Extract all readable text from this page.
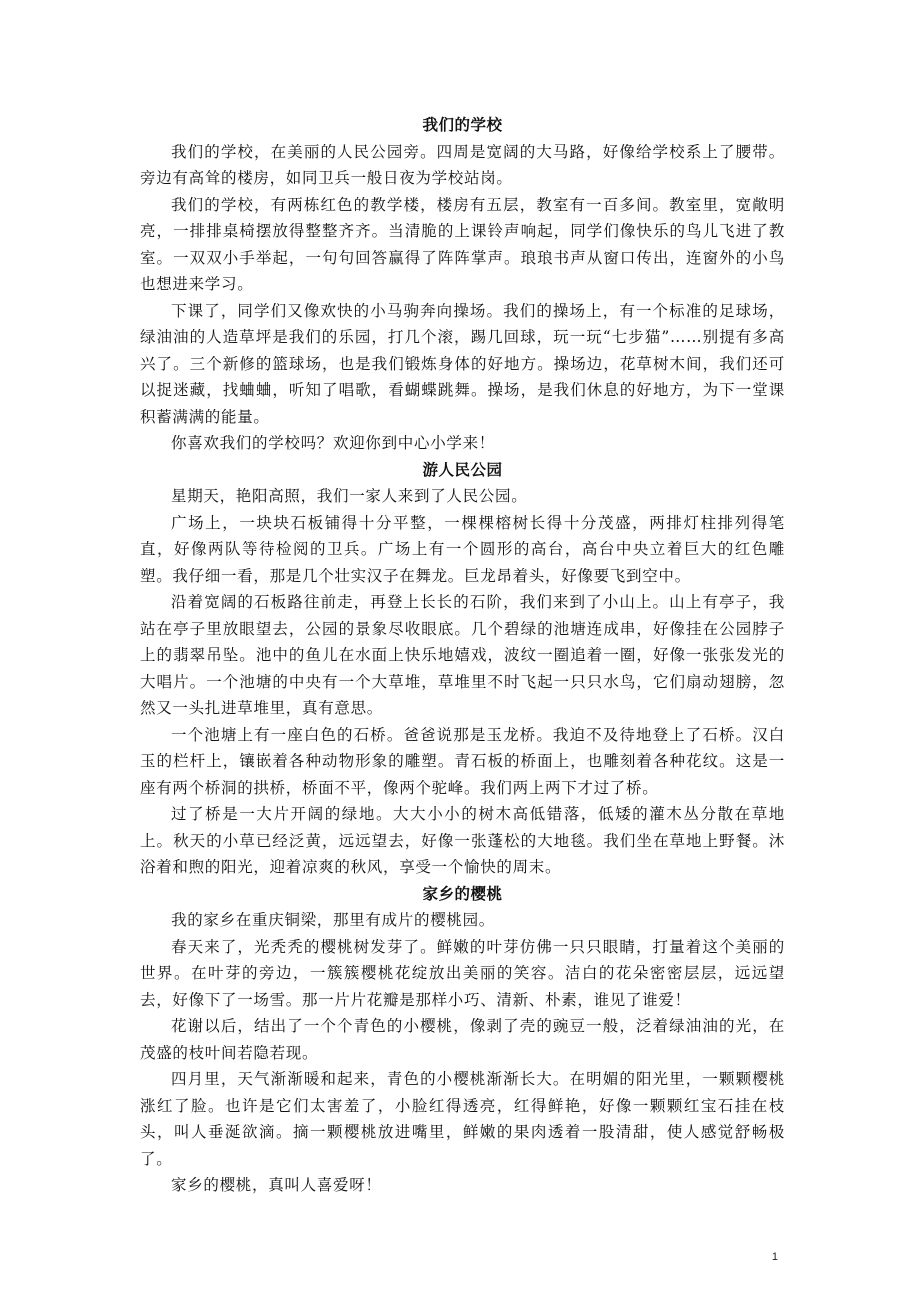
我们的学校

我们的学校，在美丽的人民公园旁。四周是宽阔的大马路，好像给学校系上了腰带。旁边有高耸的楼房，如同卫兵一般日夜为学校站岗。

我们的学校，有两栋红色的教学楼，楼房有五层，教室有一百多间。教室里，宽敞明亮，一排排桌椅摆放得整整齐齐。当清脆的上课铃声响起，同学们像快乐的鸟儿飞进了教室。一双双小手举起，一句句回答赢得了阵阵掌声。琅琅书声从窗口传出，连窗外的小鸟也想进来学习。

下课了，同学们又像欢快的小马驹奔向操场。我们的操场上，有一个标准的足球场，绿油油的人造草坪是我们的乐园，打几个滚，踢几回球，玩一玩“七步猫”……别提有多高兴了。三个新修的篮球场，也是我们锻炼身体的好地方。操场边，花草树木间，我们还可以捉迷藏，找蛐蛐，听知了唱歌，看蝴蝶跳舞。操场，是我们休息的好地方，为下一堂课积蓄满满的能量。

你喜欢我们的学校吗？欢迎你到中心小学来！

游人民公园

星期天，艳阳高照，我们一家人来到了人民公园。

广场上，一块块石板铺得十分平整，一棵棵榕树长得十分茂盛，两排灯柱排列得笔直，好像两队等待检阅的卫兵。广场上有一个圆形的高台，高台中央立着巨大的红色雕塑。我仔细一看，那是几个壮实汉子在舞龙。巨龙昂着头，好像要飞到空中。

沿着宽阔的石板路往前走，再登上长长的石阶，我们来到了小山上。山上有亭子，我站在亭子里放眼望去，公园的景象尽收眼底。几个碧绿的池塘连成串，好像挂在公园脖子上的翡翠吊坠。池中的鱼儿在水面上快乐地嬉戏，波纹一圈追着一圈，好像一张张发光的大唱片。一个池塘的中央有一个大草堆，草堆里不时飞起一只只水鸟，它们扇动翅膀，忽然又一头扎进草堆里，真有意思。

一个池塘上有一座白色的石桥。爸爸说那是玉龙桥。我迫不及待地登上了石桥。汉白玉的栏杆上，镶嵌着各种动物形象的雕塑。青石板的桥面上，也雕刻着各种花纹。这是一座有两个桥洞的拱桥，桥面不平，像两个驼峰。我们两上两下才过了桥。

过了桥是一大片开阔的绿地。大大小小的树木高低错落，低矮的灌木丛分散在草地上。秋天的小草已经泛黄，远远望去，好像一张蓬松的大地毯。我们坐在草地上野餐。沐浴着和煦的阳光，迎着凉爽的秋风，享受一个愉快的周末。

家乡的樱桃

我的家乡在重庆铜梁，那里有成片的樱桃园。

春天来了，光秃秃的樱桃树发芽了。鲜嫩的叶芽仿佛一只只眼睛，打量着这个美丽的世界。在叶芽的旁边，一簇簇樱桃花绽放出美丽的笑容。洁白的花朵密密层层，远远望去，好像下了一场雪。那一片片花瓣是那样小巧、清新、朴素，谁见了谁爱！

花谢以后，结出了一个个青色的小樱桃，像剥了壳的豌豆一般，泛着绿油油的光，在茂盛的枝叶间若隐若现。

四月里，天气渐渐暖和起来，青色的小樱桃渐渐长大。在明媚的阳光里，一颗颗樱桃涨红了脸。也许是它们太害羞了，小脸红得透亮，红得鲜艳，好像一颗颗红宝石挂在枝头，叫人垂涎欲滴。摘一颗樱桃放进嘴里，鲜嫩的果肉透着一股清甜，使人感觉舒畅极了。

家乡的樱桃，真叫人喜爱呀！

1
